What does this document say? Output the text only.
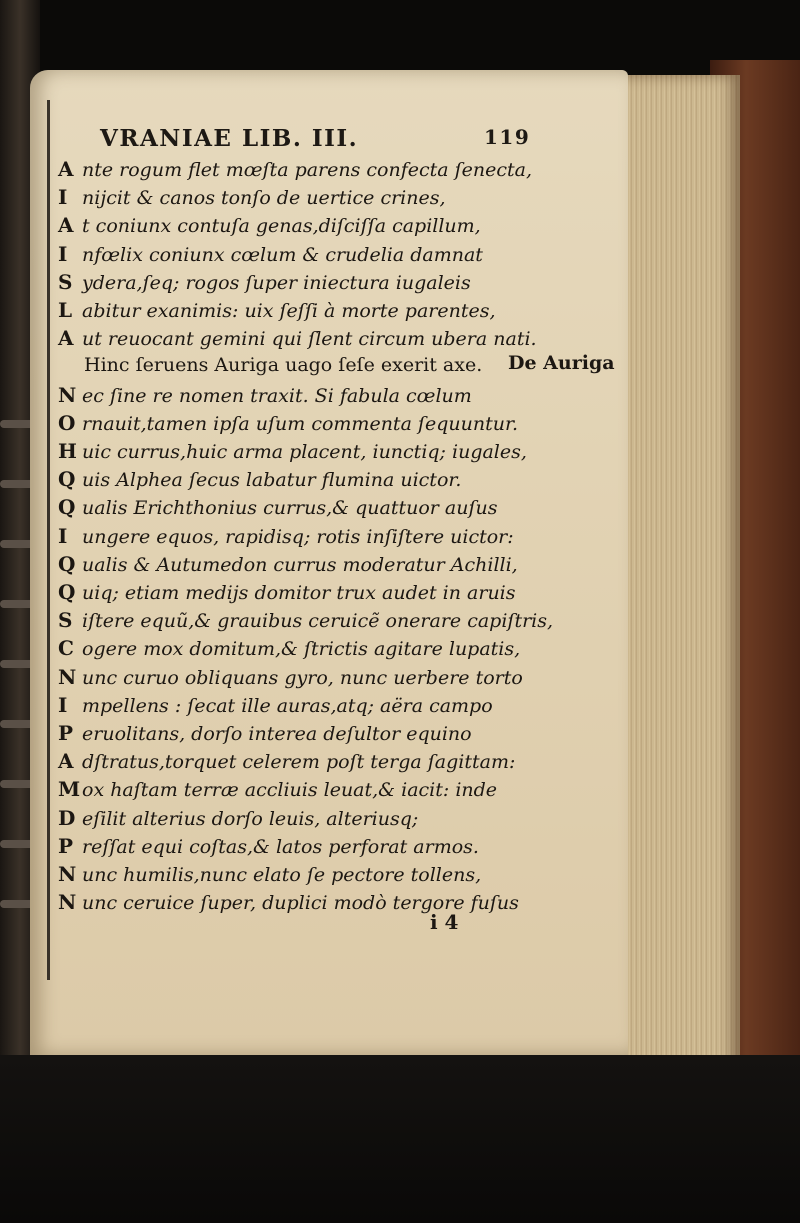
VRANIAE LIB. III.	119
De Auriga
A nte rogum flet mœſta parens confecta ſenecta,
I nijcit & canos tonſo de uertice crines,
A t coniunx contuſa genas,diſciſſa capillum,
I nfœlix coniunx cœlum & crudelia damnat
S ydera,ſeq; rogos ſuper iniectura iugaleis
L abitur exanimis: uix ſeſſi à morte parentes,
A ut reuocant gemini qui ſlent circum ubera nati.
Hinc ſeruens Auriga uago ſeſe exerit axe.
N ec ſine re nomen traxit. Si fabula cœlum
O rnauit,tamen ipſa uſum commenta ſequuntur.
H uic currus,huic arma placent, iunctiq; iugales,
Q uis Alphea ſecus labatur flumina uictor.
Q ualis Erichthonius currus,& quattuor auſus
I ungere equos, rapidisq; rotis inſiſtere uictor:
Q ualis & Autumedon currus moderatur Achilli,
Q uiq; etiam medijs domitor trux audet in aruis
S iſtere equũ,& grauibus ceruicẽ onerare capiſtris,
C ogere mox domitum,& ſtrictis agitare lupatis,
N unc curuo obliquans gyro, nunc uerbere torto
I mpellens : ſecat ille auras,atq; aëra campo
P eruolitans, dorſo interea deſultor equino
A dſtratus,torquet celerem poſt terga ſagittam:
Mox haſtam terræ accliuis leuat,& iacit: inde
D eſilit alterius dorſo leuis, alteriusq;
P reſſat equi coſtas,& latos perforat armos.
N unc humilis,nunc elato ſe pectore tollens,
N unc ceruice ſuper, duplici modò tergore fuſus
i 4
